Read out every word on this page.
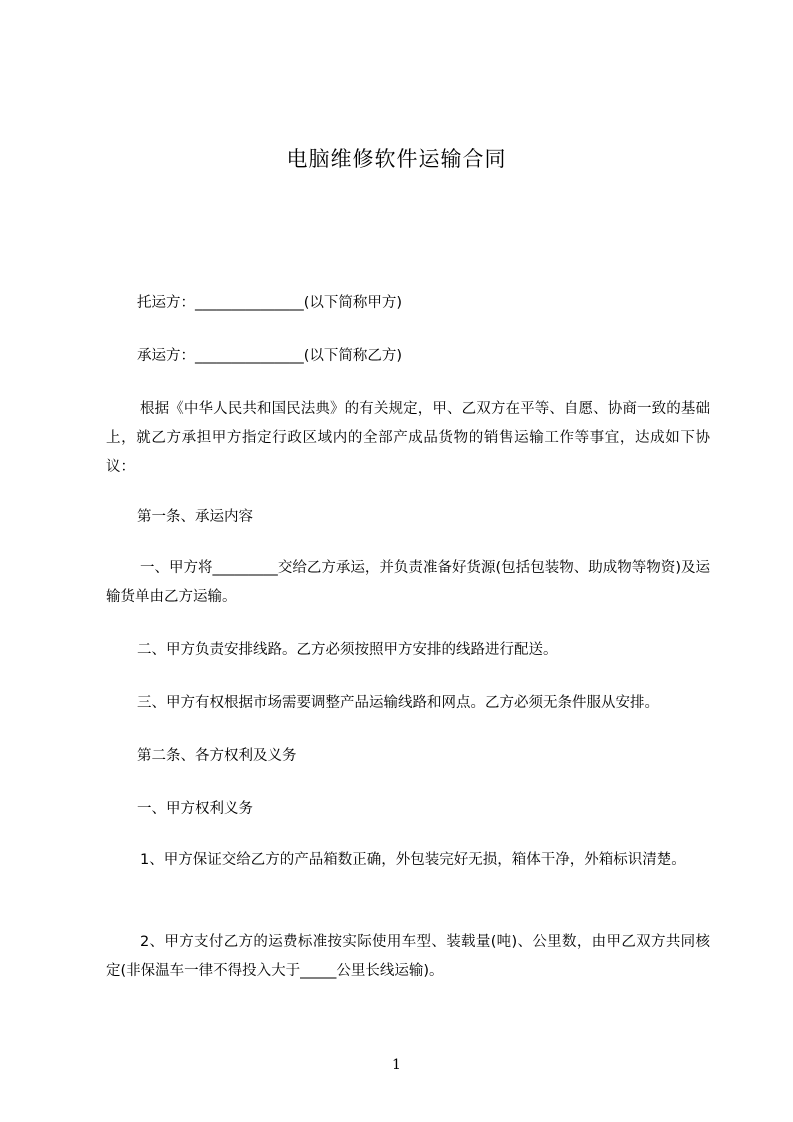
电脑维修软件运输合同
托运方：_______________(以下简称甲方)
承运方：_______________(以下简称乙方)
根据《中华人民共和国民法典》的有关规定，甲、乙双方在平等、自愿、协商一致的基础上，就乙方承担甲方指定行政区域内的全部产成品货物的销售运输工作等事宜，达成如下协议：
第一条、承运内容
一、甲方将_________交给乙方承运，并负责准备好货源(包括包装物、助成物等物资)及运输货单由乙方运输。
二、甲方负责安排线路。乙方必须按照甲方安排的线路进行配送。
三、甲方有权根据市场需要调整产品运输线路和网点。乙方必须无条件服从安排。
第二条、各方权利及义务
一、甲方权利义务
1、甲方保证交给乙方的产品箱数正确，外包装完好无损，箱体干净，外箱标识清楚。
2、甲方支付乙方的运费标准按实际使用车型、装载量(吨)、公里数，由甲乙双方共同核定(非保温车一律不得投入大于_____公里长线运输)。
1
